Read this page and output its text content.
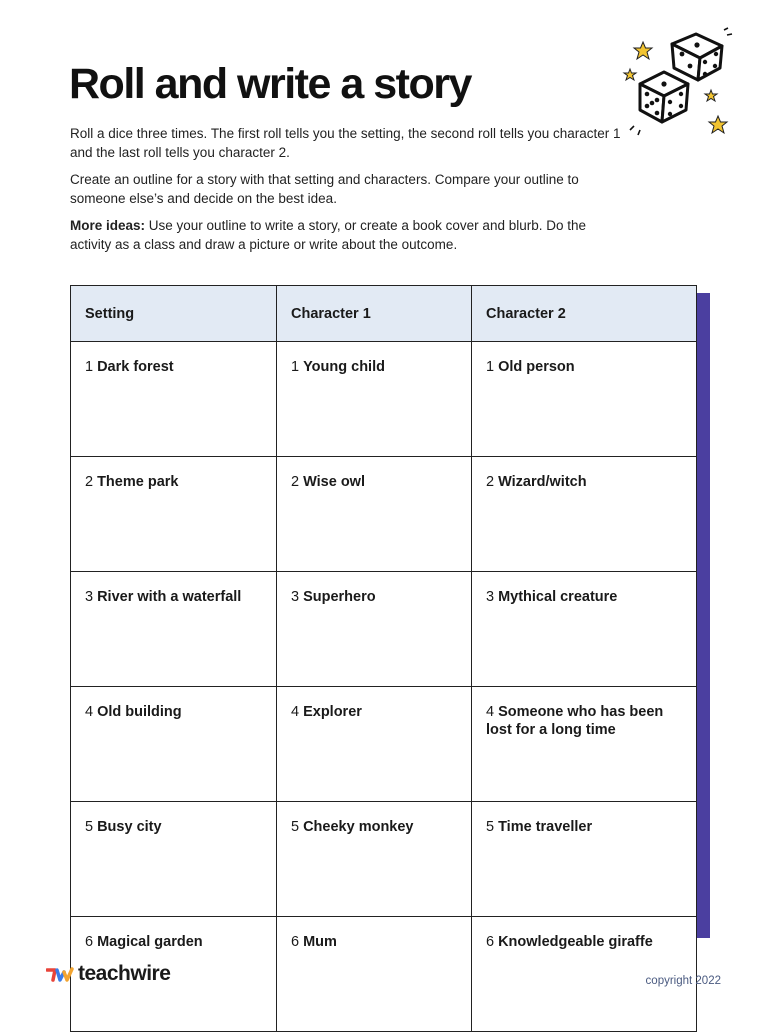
Roll and write a story

Roll a dice three times. The first roll tells you the setting, the second roll tells you character 1 and the last roll tells you character 2.

Create an outline for a story with that setting and characters. Compare your outline to someone else’s and decide on the best idea.

More ideas: Use your outline to write a story, or create a book cover and blurb. Do the activity as a class and draw a picture or write about the outcome.

Setting	Character 1	Character 2
1 Dark forest	1 Young child	1 Old person
2 Theme park	2 Wise owl	2 Wizard/witch
3 River with a waterfall	3 Superhero	3 Mythical creature
4 Old building	4 Explorer	4 Someone who has been lost for a long time
5 Busy city	5 Cheeky monkey	5 Time traveller
6 Magical garden	6 Mum	6 Knowledgeable giraffe
teachwire	copyright 2022
